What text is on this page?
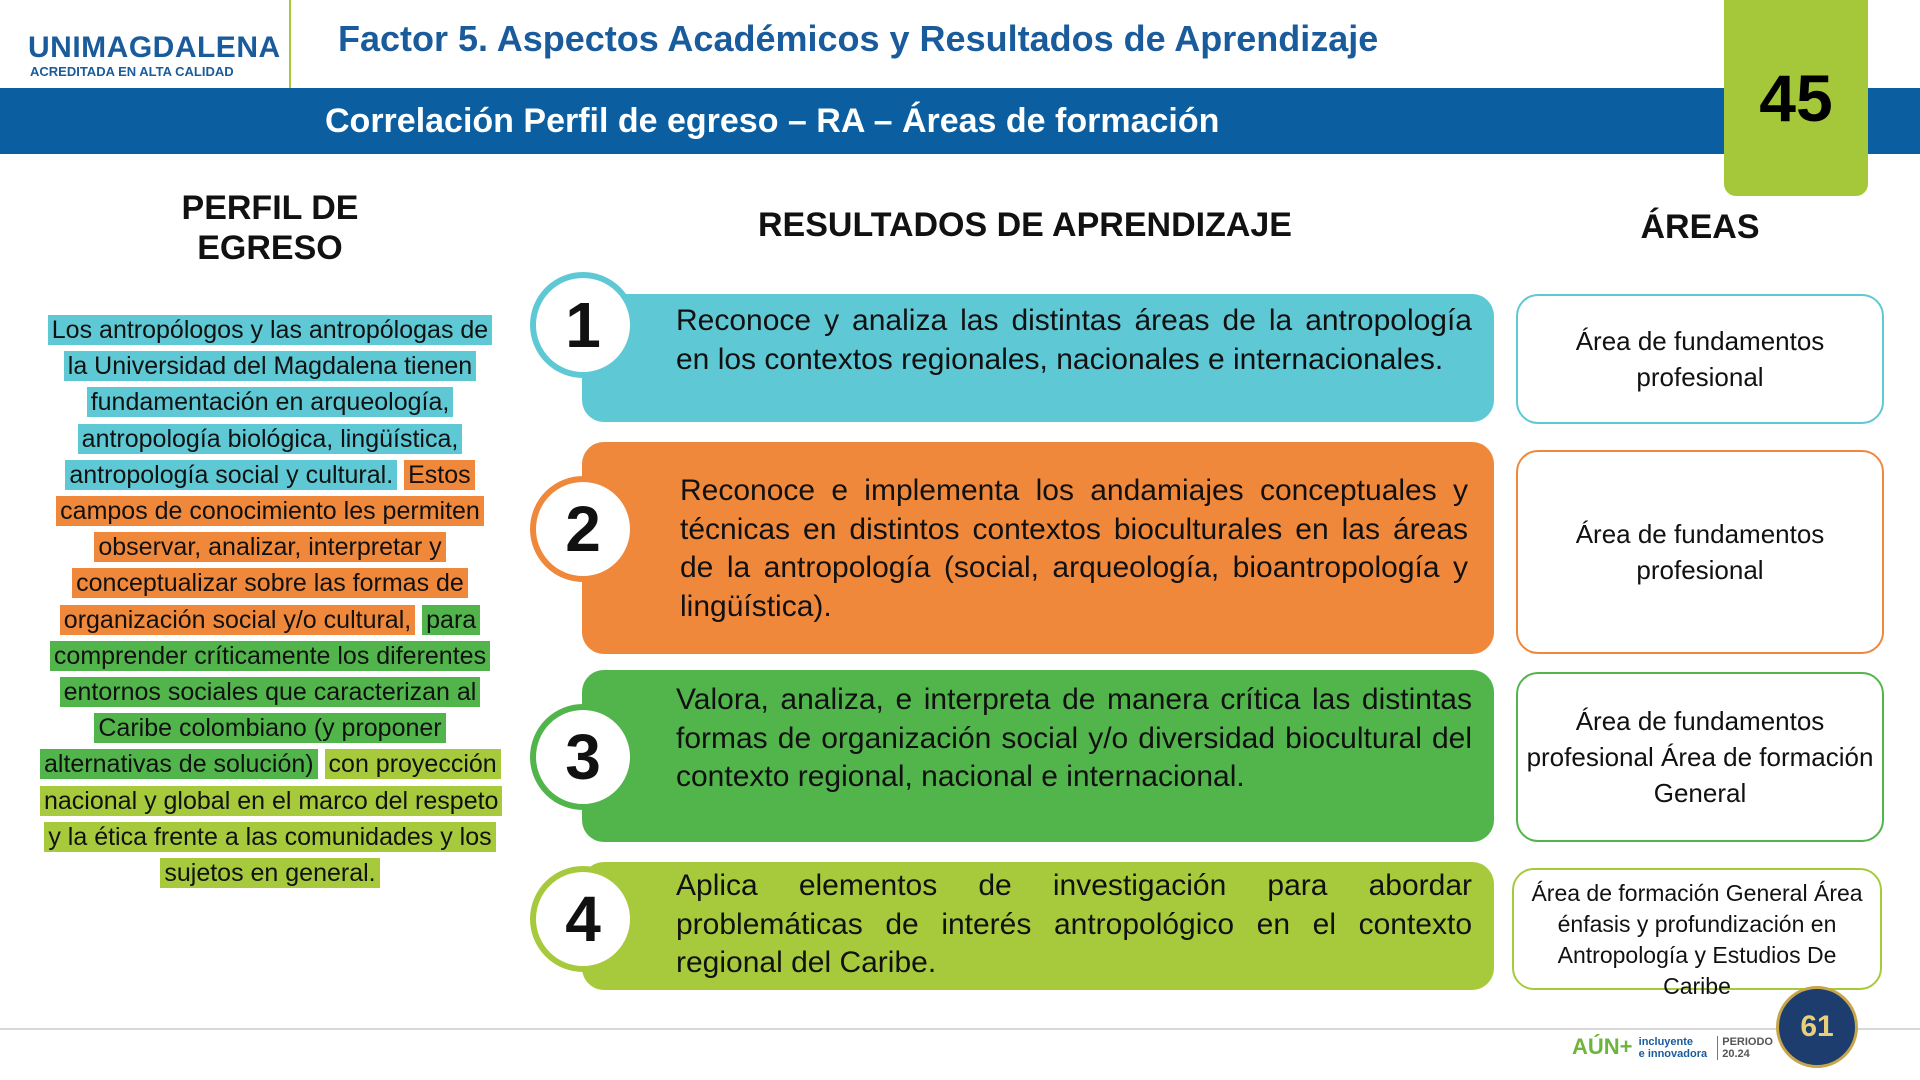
UNIMAGDALENA
ACREDITADA EN ALTA CALIDAD
Factor 5. Aspectos Académicos y Resultados de Aprendizaje
Correlación Perfil de egreso – RA – Áreas de formación	45
PERFIL DE EGRESO
RESULTADOS DE APRENDIZAJE	ÁREAS
Los antropólogos y las antropólogas de la Universidad del Magdalena tienen fundamentación en arqueología, antropología biológica, lingüística, antropología social y cultural. Estos campos de conocimiento les permiten observar, analizar, interpretar y conceptualizar sobre las formas de organización social y/o cultural, para comprender críticamente los diferentes entornos sociales que caracterizan al Caribe colombiano (y proponer alternativas de solución) con proyección nacional y global en el marco del respeto y la ética frente a las comunidades y los sujetos en general.
1	Reconoce y analiza las distintas áreas de la antropología en los contextos regionales, nacionales e internacionales.
Área de fundamentos profesional
2
Reconoce e implementa los andamiajes conceptuales y técnicas en distintos contextos bioculturales en las áreas de la antropología (social, arqueología, bioantropología y lingüística).
Área de fundamentos profesional
3
Valora, analiza, e interpreta de manera crítica las distintas formas de organización social y/o diversidad biocultural del contexto regional, nacional e internacional.
Área de fundamentos profesional Área de formación General
4	Aplica elementos de investigación para abordar problemáticas de interés antropológico en el contexto regional del Caribe.
Área de formación General Área énfasis y profundización en Antropología y Estudios De Caribe
AÚN+ incluyente
e innovadora PERIODO
20.24
61
